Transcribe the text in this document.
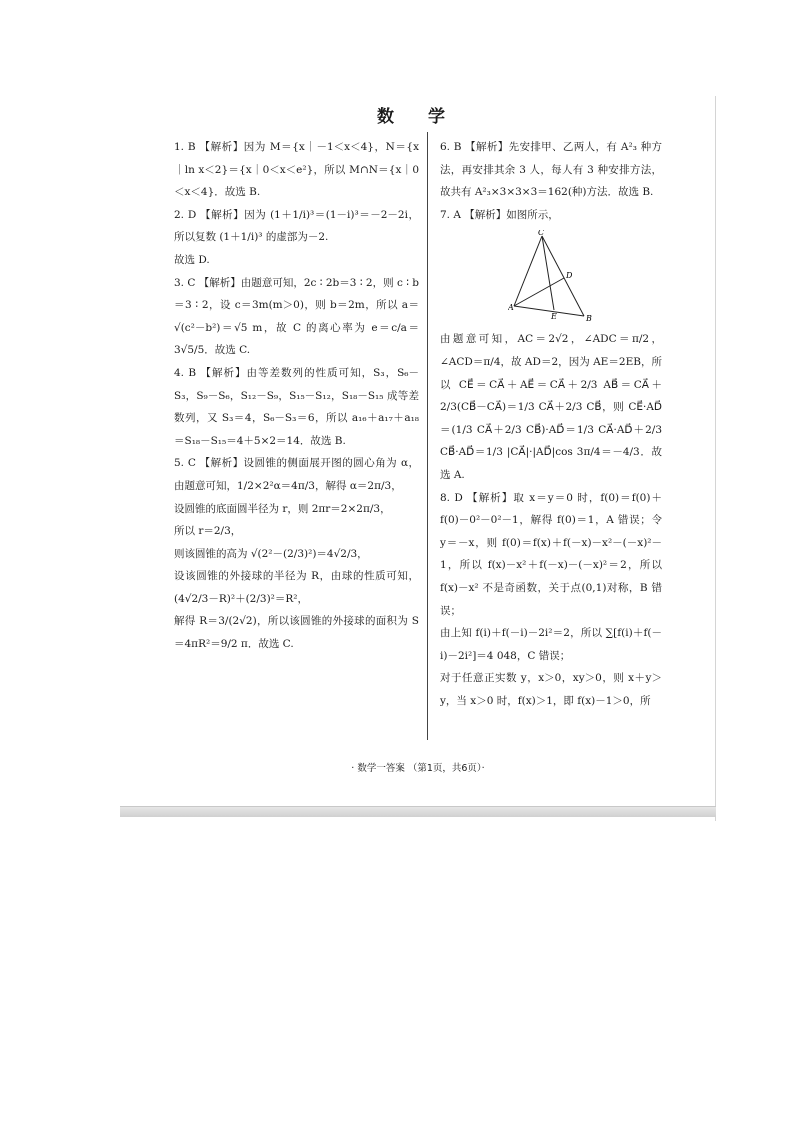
数 学

1. B 【解析】因为 M＝{x｜－1＜x＜4}，N＝{x｜ln x＜2}＝{x｜0＜x＜e²}，所以 M∩N＝{x｜0＜x＜4}．故选 B.

2. D 【解析】因为 (1＋1/i)³＝(1－i)³＝－2－2i，所以复数 (1＋1/i)³ 的虚部为－2.
故选 D.

3. C 【解析】由题意可知，2c ∶ 2b＝3 ∶ 2，则 c ∶ b＝3 ∶ 2，设 c＝3m(m＞0)，则 b＝2m，所以 a＝√(c²－b²)＝√5 m，故 C 的离心率为 e＝c/a＝3√5/5．故选 C.

4. B 【解析】由等差数列的性质可知，S₃，S₆－S₃，S₉－S₆，S₁₂－S₉，S₁₅－S₁₂，S₁₈－S₁₅ 成等差数列，又 S₃＝4，S₆－S₃＝6，所以 a₁₆＋a₁₇＋a₁₈＝S₁₈－S₁₅＝4＋5×2＝14．故选 B.

5. C 【解析】设圆锥的侧面展开图的圆心角为 α，由题意可知，1/2×2²α＝4π/3，解得 α＝2π/3，
设圆锥的底面圆半径为 r，则 2πr＝2×2π/3，
所以 r＝2/3，
则该圆锥的高为 √(2²－(2/3)²)＝4√2/3，
设该圆锥的外接球的半径为 R，由球的性质可知，(4√2/3－R)²＋(2/3)²＝R²，
解得 R＝3/(2√2)，所以该圆锥的外接球的面积为 S＝4πR²＝9/2 π．故选 C.

6. B 【解析】先安排甲、乙两人，有 A²₃ 种方法，再安排其余 3 人，每人有 3 种安排方法，故共有 A²₃×3×3×3＝162(种)方法．故选 B.

7. A 【解析】如图所示，

C
D
A
E	B

由题意可知，AC＝2√2，∠ADC＝π/2，∠ACD＝π/4，故 AD＝2，因为 AE＝2EB，所以 CE⃗＝CA⃗＋AE⃗＝CA⃗＋2/3 AB⃗＝CA⃗＋2/3(CB⃗－CA⃗)＝1/3 CA⃗＋2/3 CB⃗，则 CE⃗·AD⃗＝(1/3 CA⃗＋2/3 CB⃗)·AD⃗＝1/3 CA⃗·AD⃗＋2/3 CB⃗·AD⃗＝1/3 |CA⃗|·|AD⃗|cos 3π/4＝－4/3．故选 A.

8. D 【解析】取 x＝y＝0 时，f(0)＝f(0)＋f(0)－0²－0²－1，解得 f(0)＝1，A 错误；令 y＝－x，则 f(0)＝f(x)＋f(－x)－x²－(－x)²－1，所以 f(x)－x²＋f(－x)－(－x)²＝2，所以 f(x)－x² 不是奇函数，关于点(0,1)对称，B 错误；
由上知 f(i)＋f(－i)－2i²＝2，所以 ∑[f(i)＋f(－i)－2i²]＝4 048，C 错误；
对于任意正实数 y，x＞0，xy＞0，则 x＋y＞y，当 x＞0 时，f(x)＞1，即 f(x)－1＞0，所

· 数学一答案 （第1页，共6页）·
